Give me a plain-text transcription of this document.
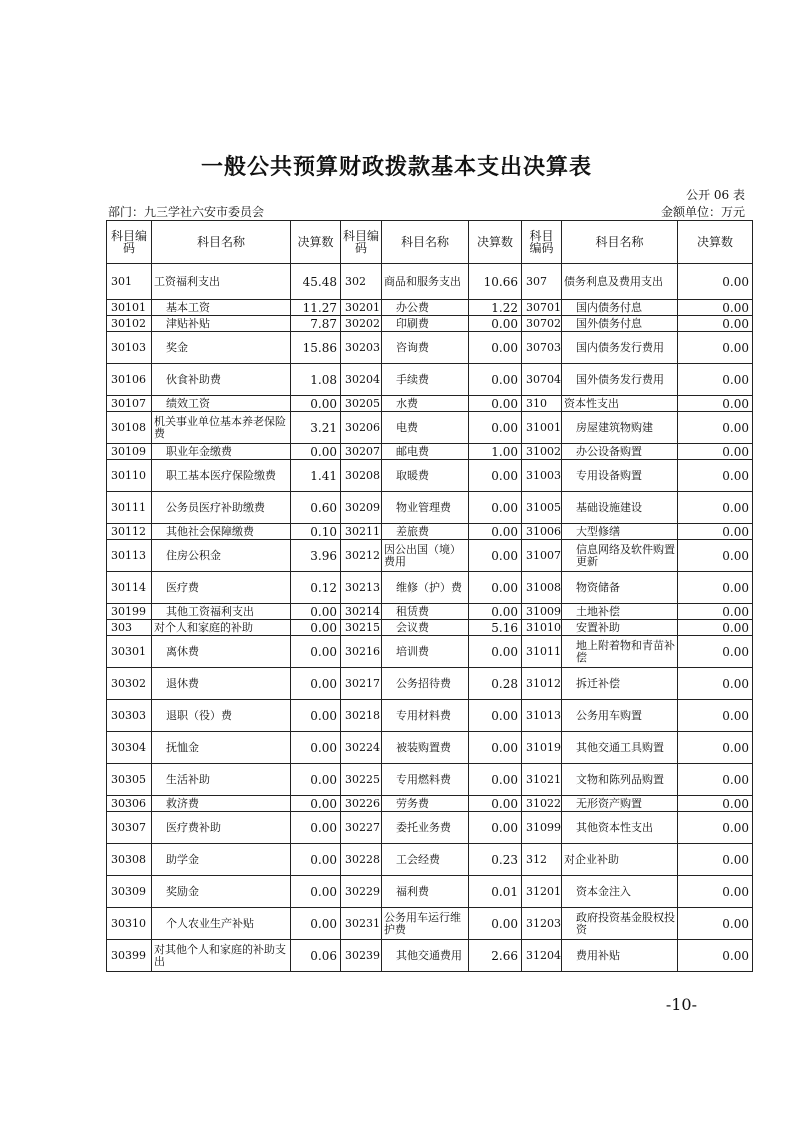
一般公共预算财政拨款基本支出决算表
公开 06 表
部门：九三学社六安市委员会	金额单位：万元
科目编码	科目名称	决算数	科目编码	科目名称	决算数	科目编码	科目名称	决算数
301	工资福利支出	45.48	302	商品和服务支出	10.66	307	债务利息及费用支出	0.00
30101	基本工资	11.27	30201	办公费	1.22	30701	国内债务付息	0.00
30102	津贴补贴	7.87	30202	印刷费	0.00	30702	国外债务付息	0.00
30103	奖金	15.86	30203	咨询费	0.00	30703	国内债务发行费用	0.00
30106	伙食补助费	1.08	30204	手续费	0.00	30704	国外债务发行费用	0.00
30107	绩效工资	0.00	30205	水费	0.00	310	资本性支出	0.00
30108	机关事业单位基本养老保险费	3.21	30206	电费	0.00	31001	房屋建筑物购建	0.00
30109	职业年金缴费	0.00	30207	邮电费	1.00	31002	办公设备购置	0.00
30110	职工基本医疗保险缴费	1.41	30208	取暖费	0.00	31003	专用设备购置	0.00
30111	公务员医疗补助缴费	0.60	30209	物业管理费	0.00	31005	基础设施建设	0.00
30112	其他社会保障缴费	0.10	30211	差旅费	0.00	31006	大型修缮	0.00
30113	住房公积金	3.96	30212	因公出国（境）费用	0.00	31007	信息网络及软件购置更新	0.00
30114	医疗费	0.12	30213	维修（护）费	0.00	31008	物资储备	0.00
30199	其他工资福利支出	0.00	30214	租赁费	0.00	31009	土地补偿	0.00
303	对个人和家庭的补助	0.00	30215	会议费	5.16	31010	安置补助	0.00
30301	离休费	0.00	30216	培训费	0.00	31011	地上附着物和青苗补偿	0.00
30302	退休费	0.00	30217	公务招待费	0.28	31012	拆迁补偿	0.00
30303	退职（役）费	0.00	30218	专用材料费	0.00	31013	公务用车购置	0.00
30304	抚恤金	0.00	30224	被装购置费	0.00	31019	其他交通工具购置	0.00
30305	生活补助	0.00	30225	专用燃料费	0.00	31021	文物和陈列品购置	0.00
30306	救济费	0.00	30226	劳务费	0.00	31022	无形资产购置	0.00
30307	医疗费补助	0.00	30227	委托业务费	0.00	31099	其他资本性支出	0.00
30308	助学金	0.00	30228	工会经费	0.23	312	对企业补助	0.00
30309	奖励金	0.00	30229	福利费	0.01	31201	资本金注入	0.00
30310	个人农业生产补贴	0.00	30231	公务用车运行维护费	0.00	31203	政府投资基金股权投资	0.00
30399	对其他个人和家庭的补助支出	0.06	30239	其他交通费用	2.66	31204	费用补贴	0.00
-10-
